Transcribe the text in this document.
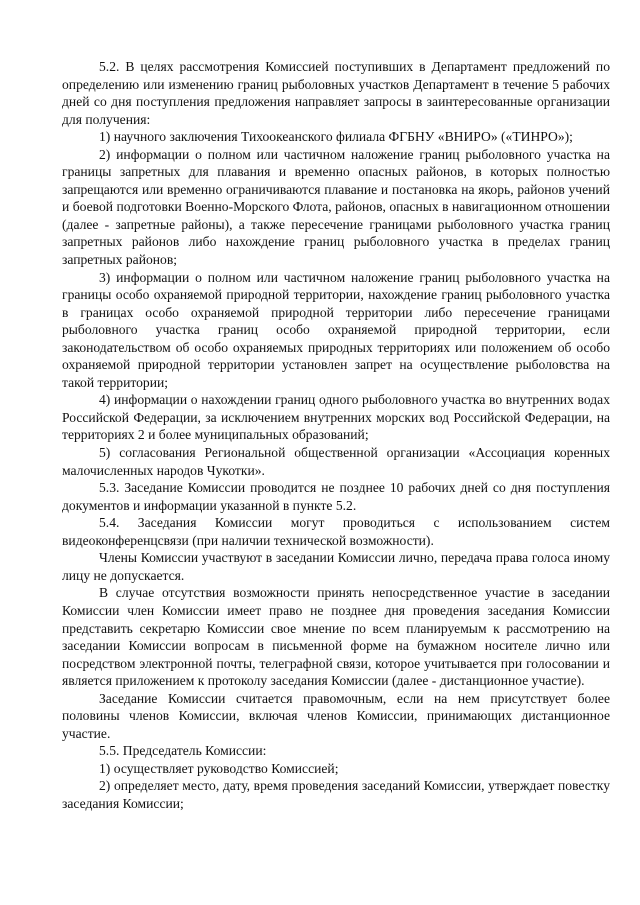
5.2. В целях рассмотрения Комиссией поступивших в Департамент предложений по определению или изменению границ рыболовных участков Департамент в течение 5 рабочих дней со дня поступления предложения направляет запросы в заинтересованные организации для получения:

1) научного заключения Тихоокеанского филиала ФГБНУ «ВНИРО» («ТИНРО»);

2) информации о полном или частичном наложение границ рыболовного участка на границы запретных для плавания и временно опасных районов, в которых полностью запрещаются или временно ограничиваются плавание и постановка на якорь, районов учений и боевой подготовки Военно-Морского Флота, районов, опасных в навигационном отношении (далее - запретные районы), а также пересечение границами рыболовного участка границ запретных районов либо нахождение границ рыболовного участка в пределах границ запретных районов;

3) информации о полном или частичном наложение границ рыболовного участка на границы особо охраняемой природной территории, нахождение границ рыболовного участка в границах особо охраняемой природной территории либо пересечение границами рыболовного участка границ особо охраняемой природной территории, если законодательством об особо охраняемых природных территориях или положением об особо охраняемой природной территории установлен запрет на осуществление рыболовства на такой территории;

4) информации о нахождении границ одного рыболовного участка во внутренних водах Российской Федерации, за исключением внутренних морских вод Российской Федерации, на территориях 2 и более муниципальных образований;

5) согласования Региональной общественной организации «Ассоциация коренных малочисленных народов Чукотки».

5.3. Заседание Комиссии проводится не позднее 10 рабочих дней со дня поступления документов и информации указанной в пункте 5.2.

5.4. Заседания Комиссии могут проводиться с использованием систем видеоконференцсвязи (при наличии технической возможности).

Члены Комиссии участвуют в заседании Комиссии лично, передача права голоса иному лицу не допускается.

В случае отсутствия возможности принять непосредственное участие в заседании Комиссии член Комиссии имеет право не позднее дня проведения заседания Комиссии представить секретарю Комиссии свое мнение по всем планируемым к рассмотрению на заседании Комиссии вопросам в письменной форме на бумажном носителе лично или посредством электронной почты, телеграфной связи, которое учитывается при голосовании и является приложением к протоколу заседания Комиссии (далее - дистанционное участие).

Заседание Комиссии считается правомочным, если на нем присутствует более половины членов Комиссии, включая членов Комиссии, принимающих дистанционное участие.

5.5. Председатель Комиссии:

1) осуществляет руководство Комиссией;

2) определяет место, дату, время проведения заседаний Комиссии, утверждает повестку заседания Комиссии;
